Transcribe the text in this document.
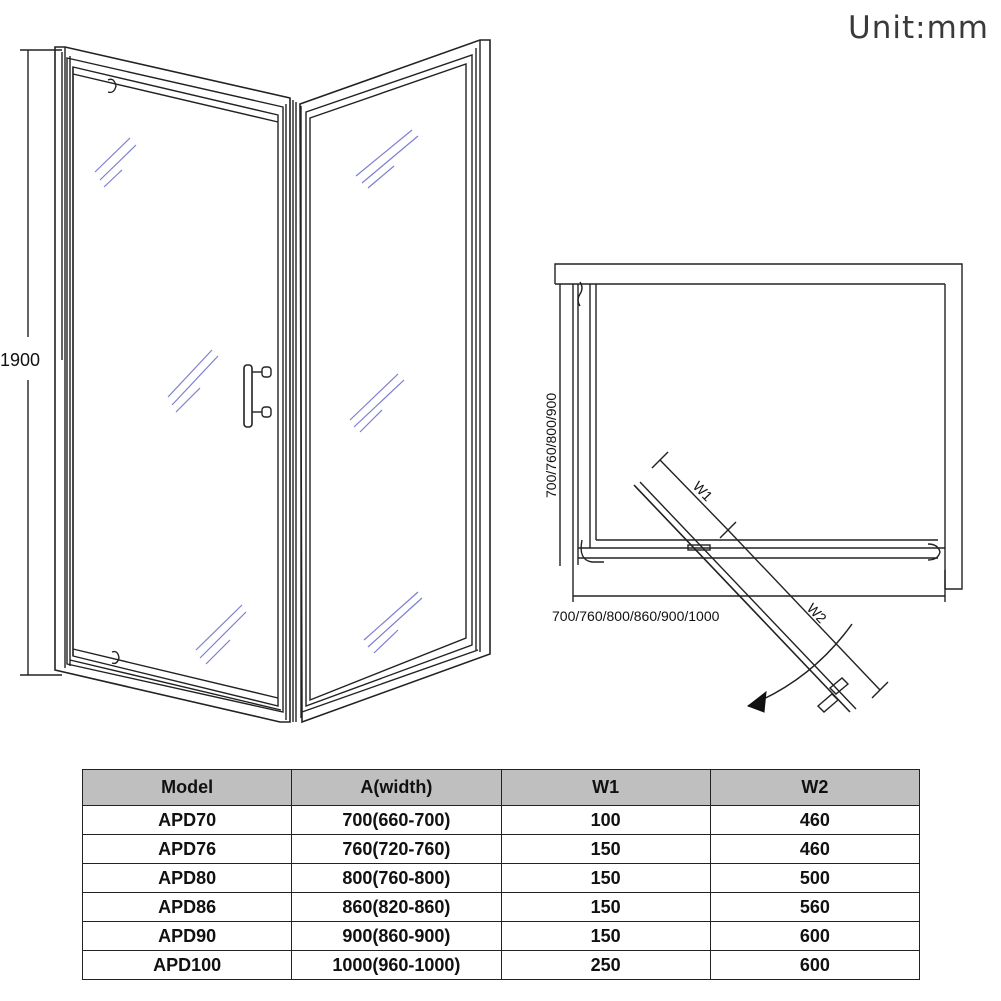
Unit:mm
1900
700/760/800/900
700/760/800/860/900/1000
W1
W2
Model	A(width)	W1	W2
APD70	700(660-700)	100	460
APD76	760(720-760)	150	460
APD80	800(760-800)	150	500
APD86	860(820-860)	150	560
APD90	900(860-900)	150	600
APD100	1000(960-1000)	250	600
